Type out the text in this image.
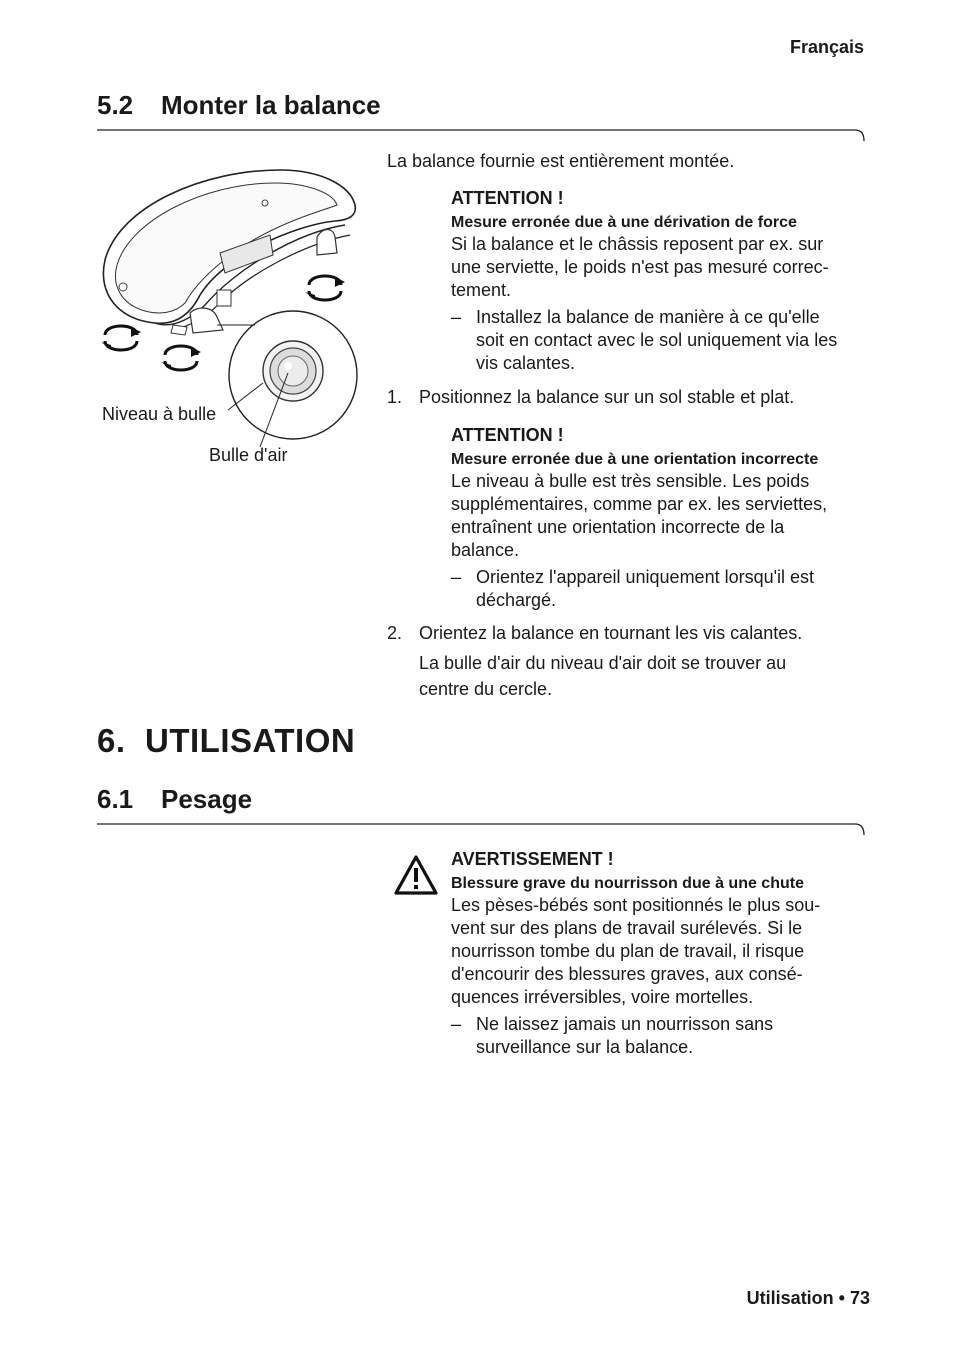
Français
5.2 Monter la balance
Niveau à bulle
Bulle d'air
La balance fournie est entièrement montée.
ATTENTION !
Mesure erronée due à une dérivation de force
Si la balance et le châssis reposent par ex. sur
une serviette, le poids n'est pas mesuré correc-
tement.
– Installez la balance de manière à ce qu'elle
soit en contact avec le sol uniquement via les
vis calantes.
1. Positionnez la balance sur un sol stable et plat.
ATTENTION !
Mesure erronée due à une orientation incorrecte
Le niveau à bulle est très sensible. Les poids
supplémentaires, comme par ex. les serviettes,
entraînent une orientation incorrecte de la
balance.
– Orientez l'appareil uniquement lorsqu'il est
déchargé.
2. Orientez la balance en tournant les vis calantes.
La bulle d'air du niveau d'air doit se trouver au
centre du cercle.
6. UTILISATION
6.1 Pesage
AVERTISSEMENT !
Blessure grave du nourrisson due à une chute
Les pèses-bébés sont positionnés le plus sou-
vent sur des plans de travail surélevés. Si le
nourrisson tombe du plan de travail, il risque
d'encourir des blessures graves, aux consé-
quences irréversibles, voire mortelles.
– Ne laissez jamais un nourrisson sans
surveillance sur la balance.
Utilisation • 73
